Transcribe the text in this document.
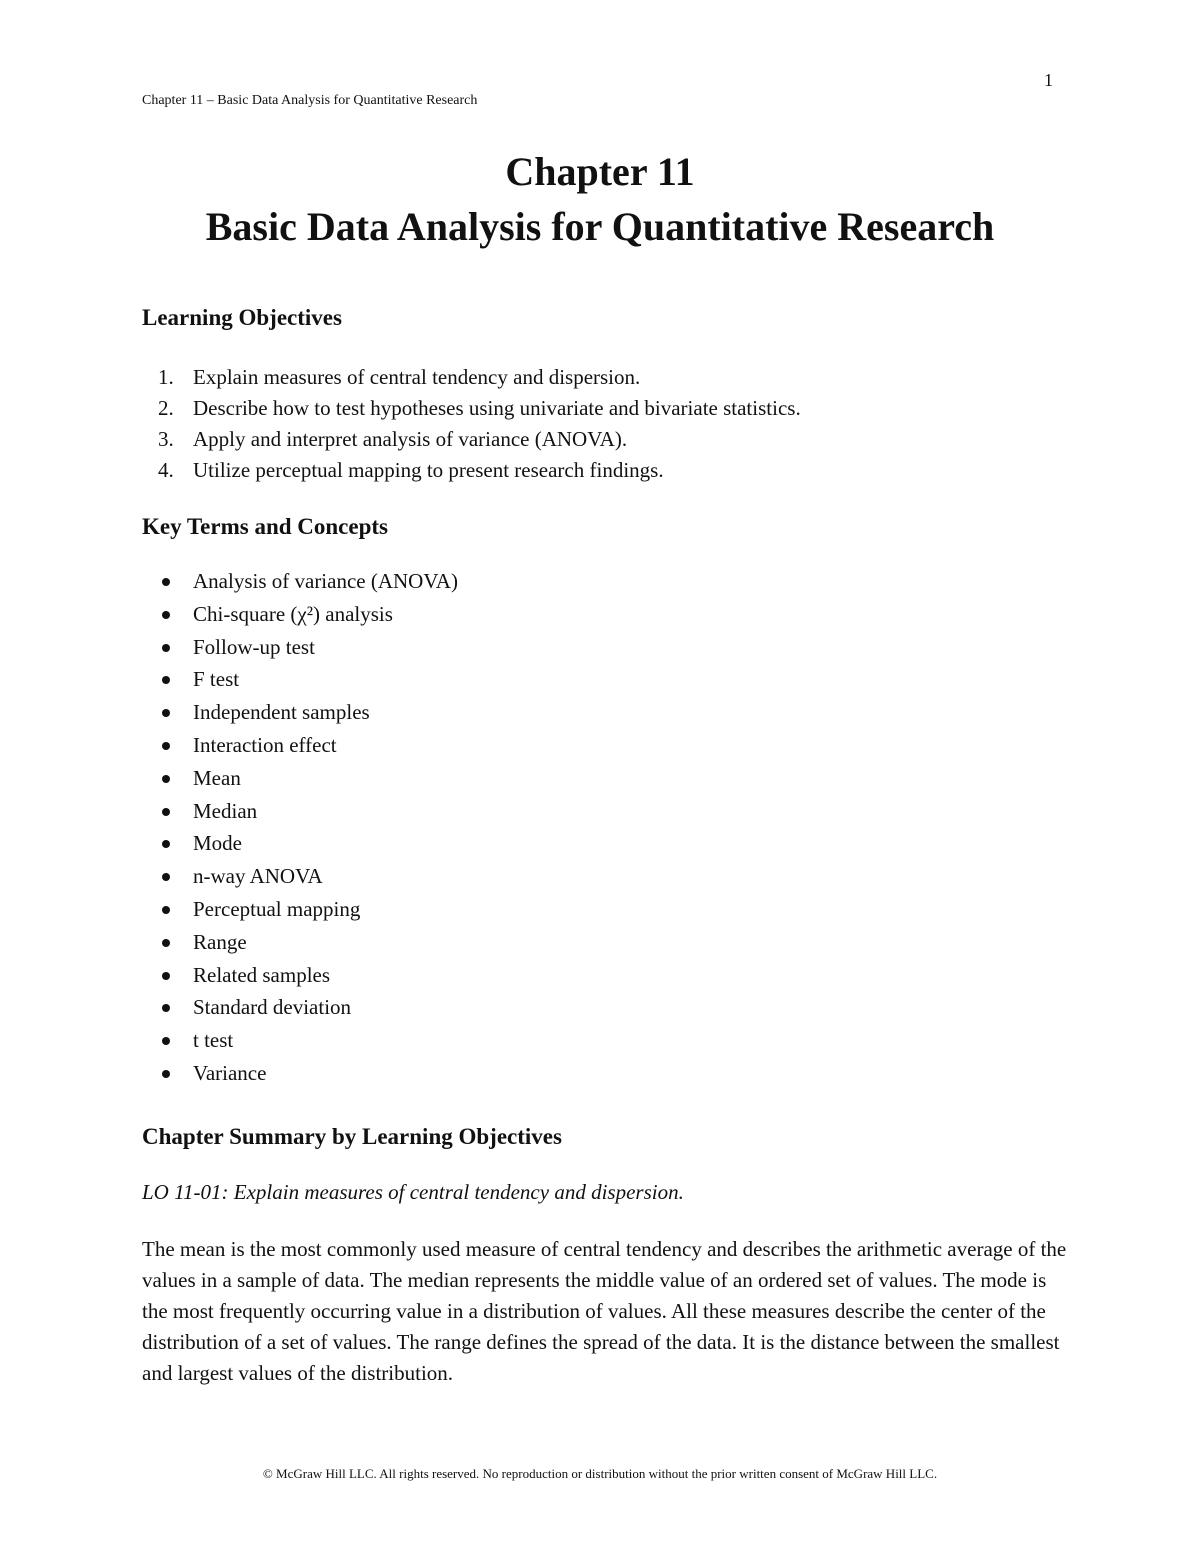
1
Chapter 11 – Basic Data Analysis for Quantitative Research
Chapter 11
Basic Data Analysis for Quantitative Research
Learning Objectives
1. Explain measures of central tendency and dispersion.
2. Describe how to test hypotheses using univariate and bivariate statistics.
3. Apply and interpret analysis of variance (ANOVA).
4. Utilize perceptual mapping to present research findings.
Key Terms and Concepts
Analysis of variance (ANOVA)
Chi-square (χ²) analysis
Follow-up test
F test
Independent samples
Interaction effect
Mean
Median
Mode
n-way ANOVA
Perceptual mapping
Range
Related samples
Standard deviation
t test
Variance
Chapter Summary by Learning Objectives
LO 11-01: Explain measures of central tendency and dispersion.

The mean is the most commonly used measure of central tendency and describes the arithmetic average of the values in a sample of data. The median represents the middle value of an ordered set of values. The mode is the most frequently occurring value in a distribution of values. All these measures describe the center of the distribution of a set of values. The range defines the spread of the data. It is the distance between the smallest and largest values of the distribution.

© McGraw Hill LLC. All rights reserved. No reproduction or distribution without the prior written consent of McGraw Hill LLC.
